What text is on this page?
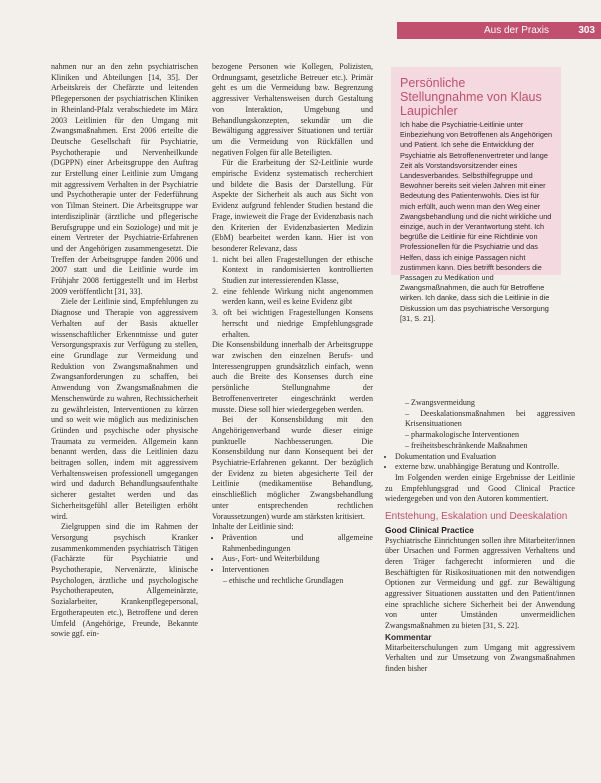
Aus der Praxis	303

nahmen nur an den zehn psychiatrischen Kliniken und Abteilungen [14, 35]. Der Arbeitskreis der Chefärzte und leitenden Pflegepersonen der psychiatrischen Kliniken in Rheinland-Pfalz verabschiedete im März 2003 Leitlinien für den Umgang mit Zwangsmaßnahmen. Erst 2006 erteilte die Deutsche Gesellschaft für Psychiatrie, Psychotherapie und Nervenheilkunde (DGPPN) einer Arbeitsgruppe den Auftrag zur Erstellung einer Leitlinie zum Umgang mit aggressivem Verhalten in der Psychiatrie und Psychotherapie unter der Federführung von Tilman Steinert. Die Arbeitsgruppe war interdisziplinär (ärztliche und pflegerische Berufsgruppe und ein Soziologe) und mit je einem Vertreter der Psychiatrie-Erfahrenen und der Angehörigen zusammengesetzt. Die Treffen der Arbeitsgruppe fanden 2006 und 2007 statt und die Leitlinie wurde im Frühjahr 2008 fertiggestellt und im Herbst 2009 veröffentlicht [31, 33].

Ziele der Leitlinie sind, Empfehlungen zu Diagnose und Therapie von aggressivem Verhalten auf der Basis aktueller wissenschaftlicher Erkenntnisse und guter Versorgungspraxis zur Verfügung zu stellen, eine Grundlage zur Vermeidung und Reduktion von Zwangsmaßnahmen und Zwangsanforderungen zu schaffen, bei Anwendung von Zwangsmaßnahmen die Menschenwürde zu wahren, Rechtssicherheit zu gewährleisten, Interventionen zu kürzen und so weit wie möglich aus medizinischen Gründen und psychische oder physische Traumata zu vermeiden. Allgemein kann benannt werden, dass die Leitlinien dazu beitragen sollen, indem mit aggressivem Verhaltensweisen professionell umgegangen wird und dadurch Behandlungsaufenthalte sicherer gestaltet werden und das Sicherheitsgefühl aller Beteiligten erhöht wird.

Zielgruppen sind die im Rahmen der Versorgung psychisch Kranker zusammenkommenden psychiatrisch Tätigen (Fachärzte für Psychiatrie und Psychotherapie, Nervenärzte, klinische Psychologen, ärztliche und psychologische Psychotherapeuten, Allgemeinärzte, Sozialarbeiter, Krankenpflegepersonal, Ergotherapeuten etc.), Betroffene und deren Umfeld (Angehörige, Freunde, Bekannte sowie ggf. ein-

bezogene Personen wie Kollegen, Polizisten, Ordnungsamt, gesetzliche Betreuer etc.). Primär geht es um die Vermeidung bzw. Begrenzung aggressiver Verhaltensweisen durch Gestaltung von Interaktion, Umgebung und Behandlungskonzepten, sekundär um die Bewältigung aggressiver Situationen und tertiär um die Vermeidung von Rückfällen und negativen Folgen für alle Beteiligten.

Für die Erarbeitung der S2-Leitlinie wurde empirische Evidenz systematisch recherchiert und bildete die Basis der Darstellung. Für Aspekte der Sicherheit als auch aus Sicht von Evidenz aufgrund fehlender Studien bestand die Frage, inwieweit die Frage der Evidenzbasis nach den Kriterien der Evidenzbasierten Medizin (EbM) bearbeitet werden kann. Hier ist von besonderer Relevanz, dass

1. nicht bei allen Fragestellungen der ethische Kontext in randomisierten kontrollierten Studien zur interessierenden Klasse,

2. eine fehlende Wirkung nicht angenommen werden kann, weil es keine Evidenz gibt

3. oft bei wichtigen Fragestellungen Konsens herrscht und niedrige Empfehlungsgrade erhalten.

Die Konsensbildung innerhalb der Arbeitsgruppe war zwischen den einzelnen Berufs- und Interessengruppen grundsätzlich einfach, wenn auch die Breite des Konsenses durch eine persönliche Stellungnahme der Betroffenenvertreter eingeschränkt werden musste. Diese soll hier wiedergegeben werden.

Bei der Konsensbildung mit den Angehörigenverband wurde dieser einige punktuelle Nachbesserungen. Die Konsensbildung nur dann Konsequent bei der Psychiatrie-Erfahrenen gekannt. Der bezüglich der Evidenz zu bieten abgesicherte Teil der Leitlinie (medikamentöse Behandlung, einschließlich möglicher Zwangsbehandlung unter entsprechenden rechtlichen Voraussetzungen) wurde am stärksten kritisiert.

Inhalte der Leitlinie sind:

• Prävention und allgemeine Rahmenbedingungen
• Aus-, Fort- und Weiterbildung
• Interventionen
– ethische und rechtliche Grundlagen
Persönliche Stellungnahme von Klaus Laupichler

Ich habe die Psychiatrie-Leitlinie unter Einbeziehung von Betroffenen als Angehörigen und Patient. Ich sehe die Entwicklung der Psychiatrie als Betroffenenvertreter und lange Zeit als Vorstandsvorsitzender eines Landesverbandes. Selbsthilfegruppe und Bewohner bereits seit vielen Jahren mit einer Bedeutung des Patientenwohls. Dies ist für mich erfüllt, auch wenn man den Weg einer Zwangsbehandlung und die nicht wirkliche und einzige, auch in der Verantwortung steht. Ich begrüße die Leitlinie für eine Richtlinie von Professionellen für die Psychiatrie und das Helfen, dass ich einige Passagen nicht zustimmen kann. Dies betrifft besonders die Passagen zu Medikation und Zwangsmaßnahmen, die auch für Betroffene wirken. Ich danke, dass sich die Leitlinie in die Diskussion um das psychiatrische Versorgung [31, S. 21].

– Zwangsvermeidung
– Deeskalationsmaßnahmen bei aggressiven Krisensituationen
– pharmakologische Interventionen
– freiheitsbeschränkende Maßnahmen
• Dokumentation und Evaluation
• externe bzw. unabhängige Beratung und Kontrolle.

Im Folgenden werden einige Ergebnisse der Leitlinie zu Empfehlungsgrad und Good Clinical Practice wiedergegeben und von den Autoren kommentiert.

Entstehung, Eskalation und Deeskalation
Good Clinical Practice

Psychiatrische Einrichtungen sollen ihre Mitarbeiter/innen über Ursachen und Formen aggressiven Verhaltens und deren Träger fachgerecht informieren und die Beschäftigten für Risikosituationen mit den notwendigen Optionen zur Vermeidung und ggf. zur Bewältigung aggressiver Situationen ausstatten und den Patient/innen eine sprachliche sichere Sicherheit bei der Anwendung von unter Umständen unvermeidlichen Zwangsmaßnahmen zu bieten [31, S. 22].

Kommentar

Mitarbeiterschulungen zum Umgang mit aggressivem Verhalten und zur Umsetzung von Zwangsmaßnahmen finden bisher
